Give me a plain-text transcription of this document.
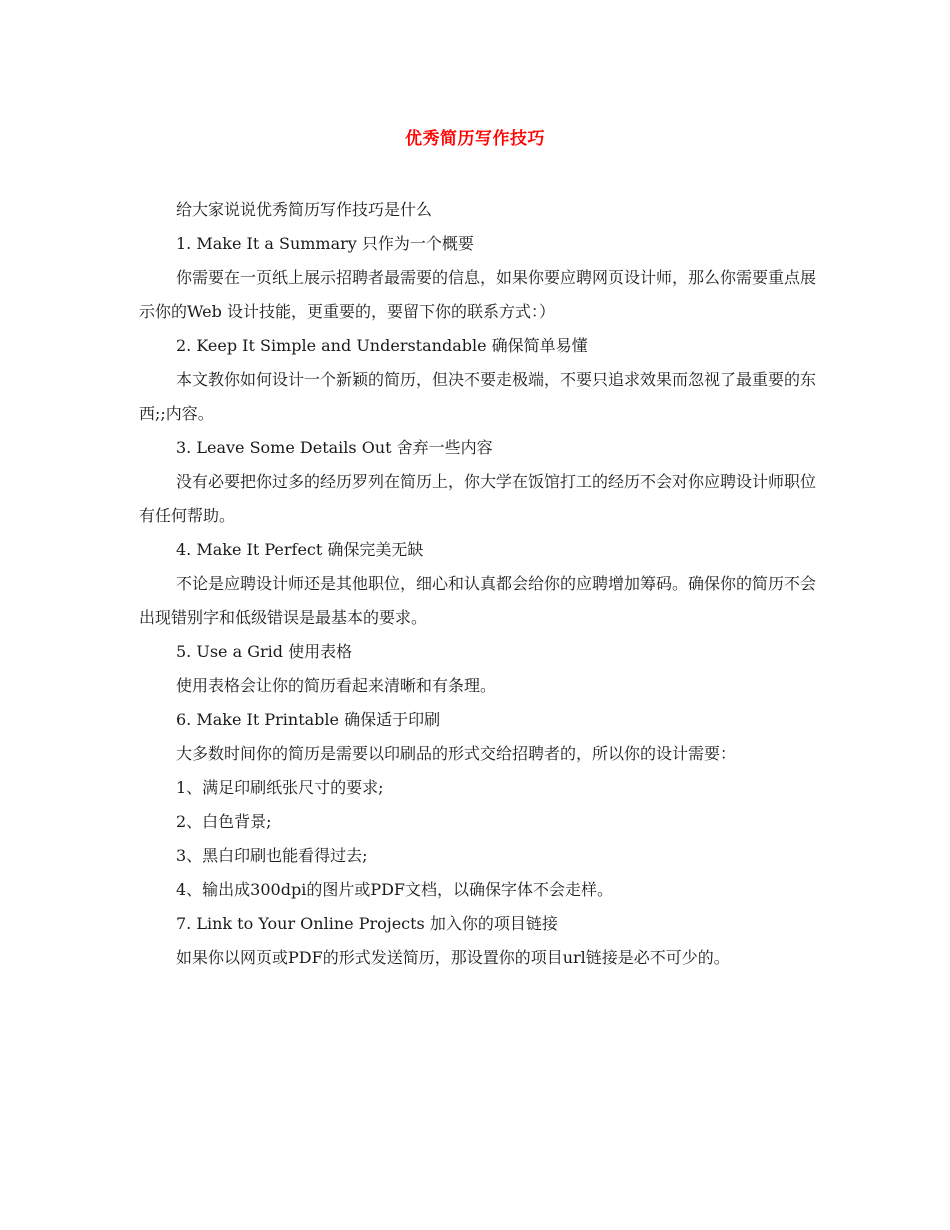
优秀简历写作技巧

给大家说说优秀简历写作技巧是什么

1. Make It a Summary 只作为一个概要

你需要在一页纸上展示招聘者最需要的信息，如果你要应聘网页设计师，那么你需要重点展示你的Web 设计技能，更重要的，要留下你的联系方式：）

2. Keep It Simple and Understandable 确保简单易懂

本文教你如何设计一个新颖的简历，但决不要走极端，不要只追求效果而忽视了最重要的东西;;内容。

3. Leave Some Details Out 舍弃一些内容

没有必要把你过多的经历罗列在简历上，你大学在饭馆打工的经历不会对你应聘设计师职位有任何帮助。

4. Make It Perfect 确保完美无缺

不论是应聘设计师还是其他职位，细心和认真都会给你的应聘增加筹码。确保你的简历不会出现错别字和低级错误是最基本的要求。

5. Use a Grid 使用表格

使用表格会让你的简历看起来清晰和有条理。

6. Make It Printable 确保适于印刷

大多数时间你的简历是需要以印刷品的形式交给招聘者的，所以你的设计需要：

1、满足印刷纸张尺寸的要求;

2、白色背景;

3、黑白印刷也能看得过去;

4、输出成300dpi的图片或PDF文档，以确保字体不会走样。

7. Link to Your Online Projects 加入你的项目链接

如果你以网页或PDF的形式发送简历，那设置你的项目url链接是必不可少的。
